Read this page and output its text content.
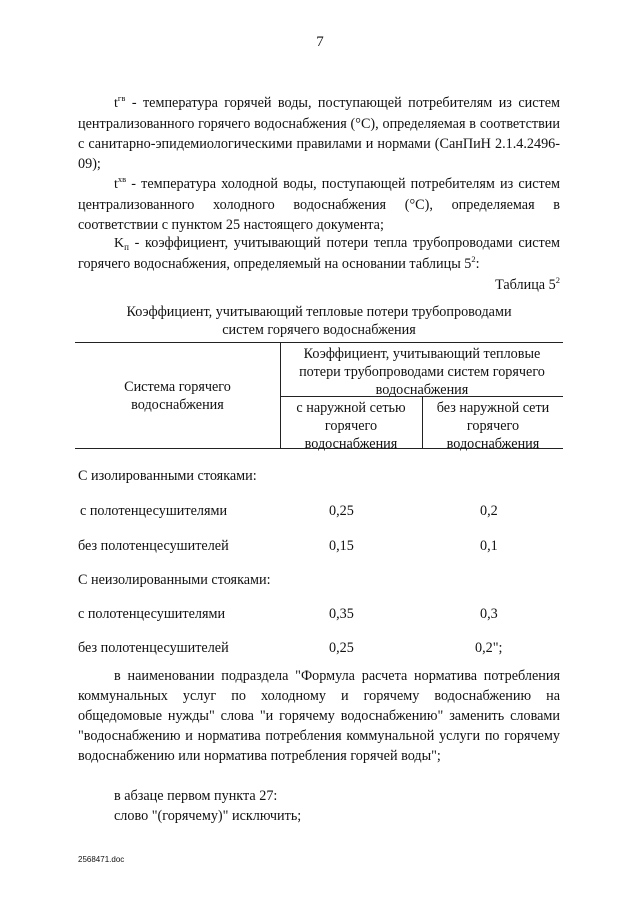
7
$t^{гв}$ - температура горячей воды, поступающей потребителям из систем централизованного горячего водоснабжения (°С), определяемая в соответствии с санитарно-эпидемиологическими правилами и нормами (СанПиН 2.1.4.2496-09);
$t^{хв}$ - температура холодной воды, поступающей потребителям из систем централизованного холодного водоснабжения (°С), определяемая в соответствии с пунктом 25 настоящего документа;
$K_п$ - коэффициент, учитывающий потери тепла трубопроводами систем горячего водоснабжения, определяемый на основании таблицы $5^2$:
Таблица $5^2$
Коэффициент, учитывающий тепловые потери трубопроводами
систем горячего водоснабжения
Система горячего водоснабжения
Коэффициент, учитывающий тепловые потери трубопроводами систем горячего водоснабжения
с наружной сетью горячего водоснабжения
без наружной сети горячего водоснабжения
С изолированными стояками:
с полотенцесушителями	0,25	0,2
без полотенцесушителей	0,15	0,1
С неизолированными стояками:
с полотенцесушителями	0,35	0,3
без полотенцесушителей	0,25	0,2";
в наименовании подраздела "Формула расчета норматива потребления коммунальных услуг по холодному и горячему водоснабжению на общедомовые нужды" слова "и горячему водоснабжению" заменить словами "водоснабжению и норматива потребления коммунальной услуги по горячему водоснабжению или норматива потребления горячей воды";
в абзаце первом пункта 27:
слово "(горячему)" исключить;
2568471.doc
